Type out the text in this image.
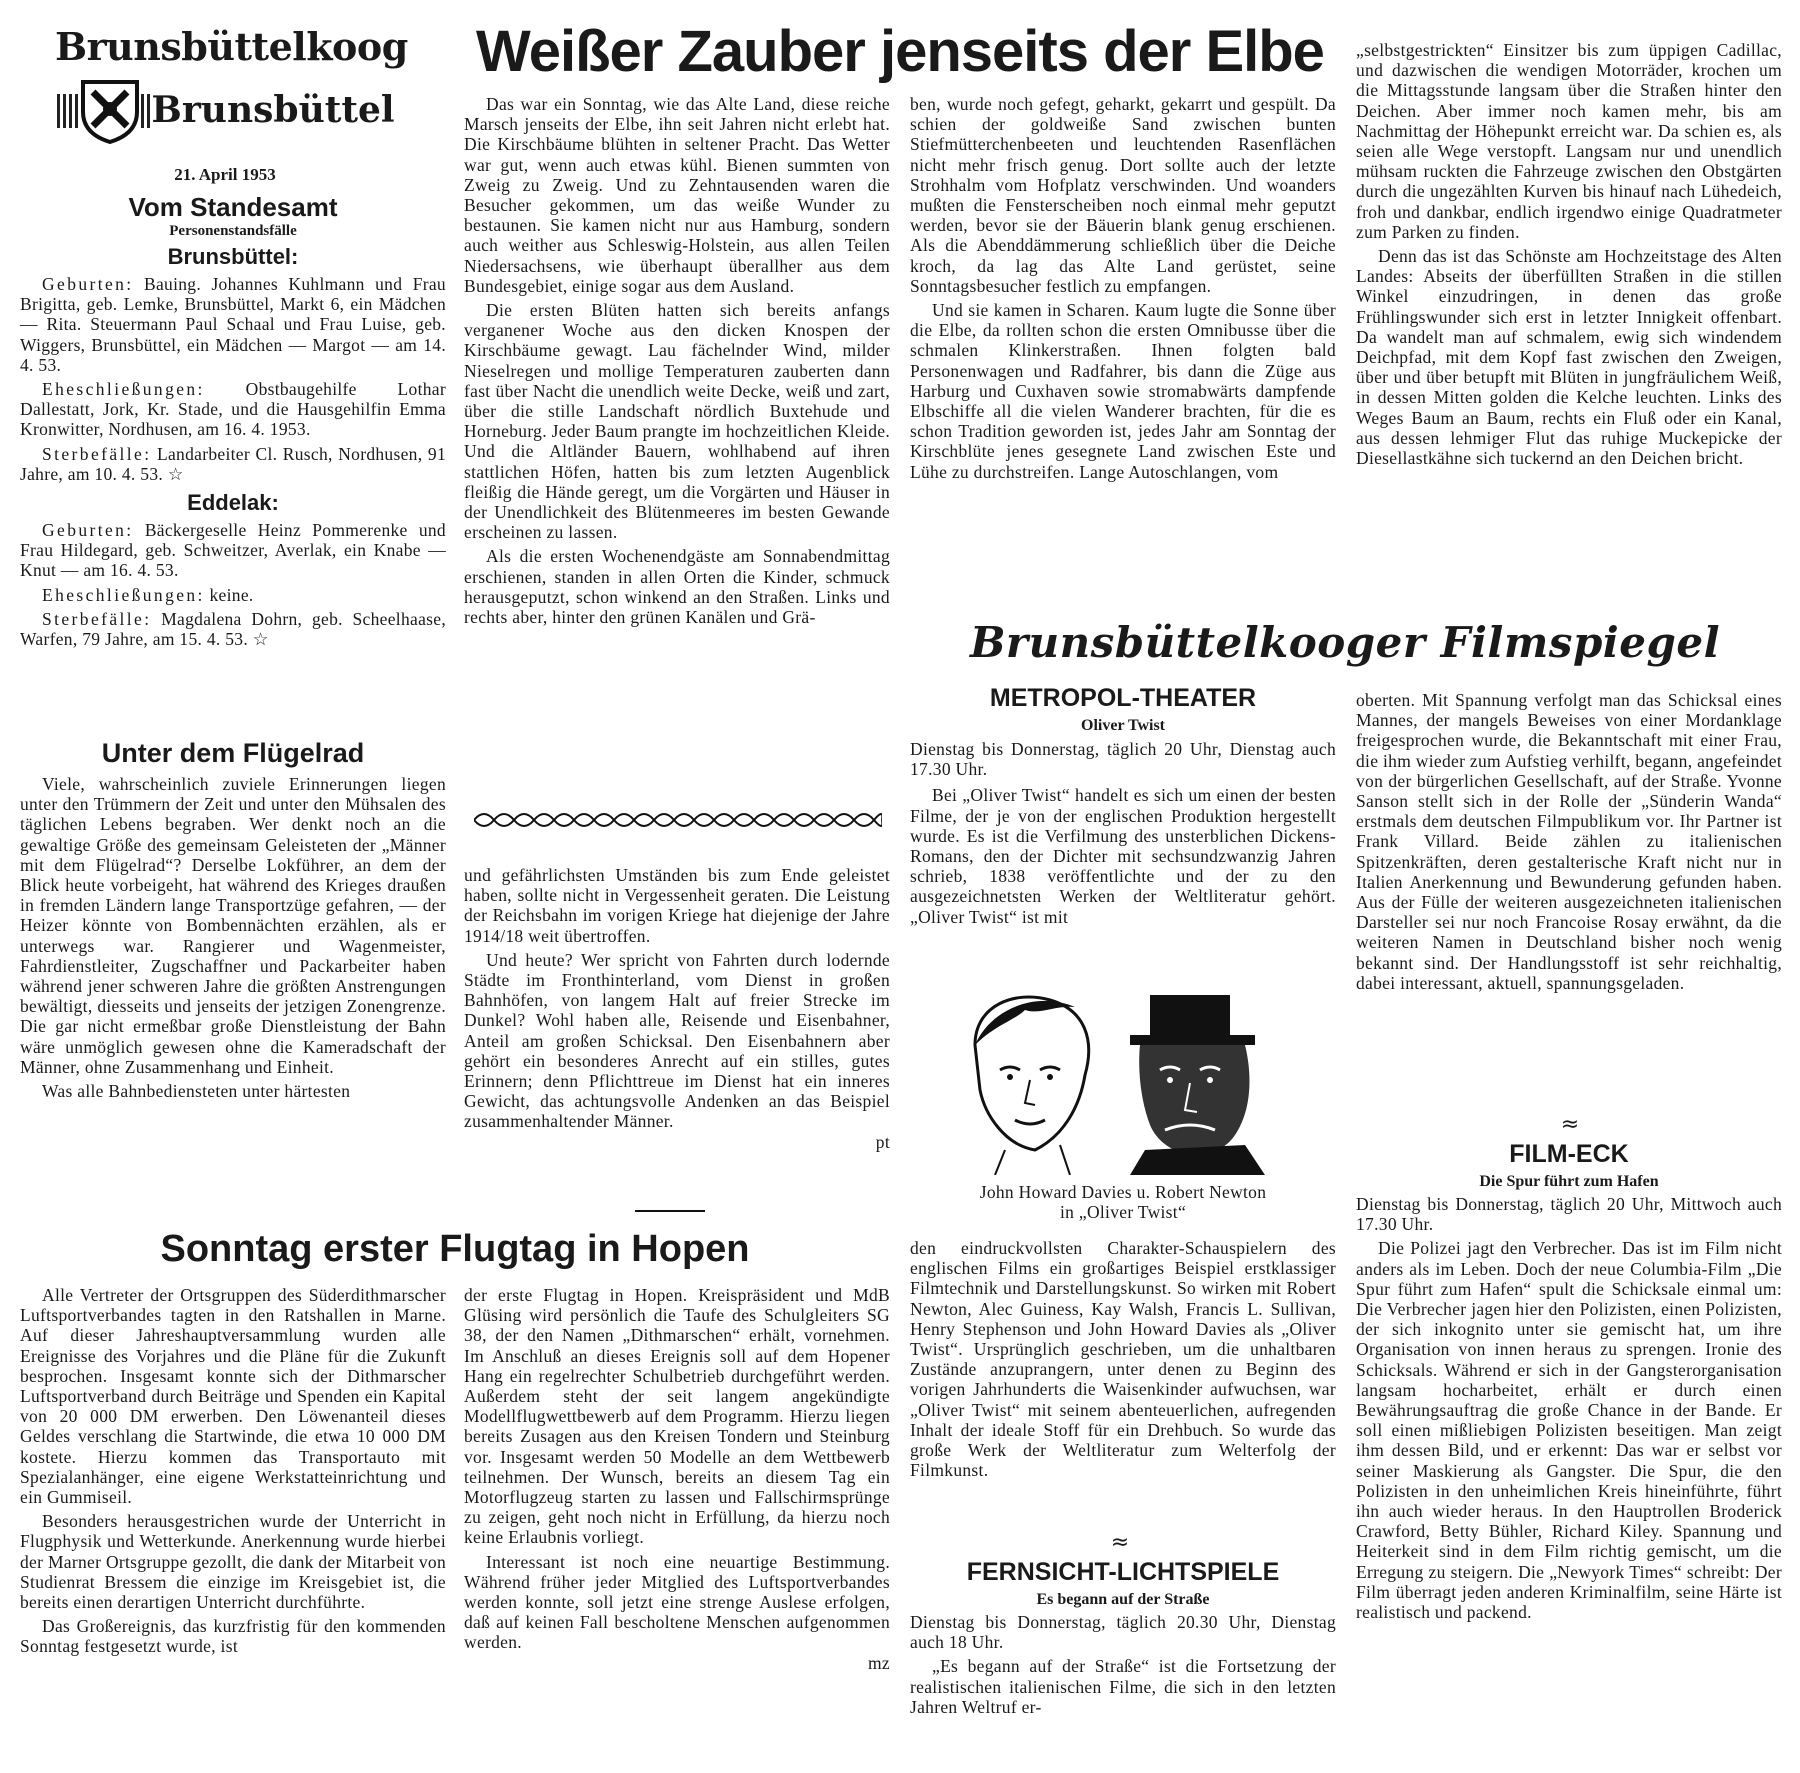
Brunsbüttelkoog
Brunsbüttel
21. April 1953
Vom Standesamt
Personenstandsfälle
Brunsbüttel:

Geburten: Bauing. Johannes Kuhlmann und Frau Brigitta, geb. Lemke, Brunsbüttel, Markt 6, ein Mädchen — Rita. Steuermann Paul Schaal und Frau Luise, geb. Wiggers, Brunsbüttel, ein Mädchen — Margot — am 14. 4. 53.

Eheschließungen: Obstbaugehilfe Lothar Dallestatt, Jork, Kr. Stade, und die Hausgehilfin Emma Kronwitter, Nordhusen, am 16. 4. 1953.

Sterbefälle: Landarbeiter Cl. Rusch, Nordhusen, 91 Jahre, am 10. 4. 53. ☆

Eddelak:

Geburten: Bäckergeselle Heinz Pommerenke und Frau Hildegard, geb. Schweitzer, Averlak, ein Knabe — Knut — am 16. 4. 53.

Eheschließungen: keine.

Sterbefälle: Magdalena Dohrn, geb. Scheelhaase, Warfen, 79 Jahre, am 15. 4. 53. ☆

Unter dem Flügelrad

Viele, wahrscheinlich zuviele Erinnerungen liegen unter den Trümmern der Zeit und unter den Mühsalen des täglichen Lebens begraben. Wer denkt noch an die gewaltige Größe des gemeinsam Geleisteten der „Männer mit dem Flügelrad“? Derselbe Lokführer, an dem der Blick heute vorbeigeht, hat während des Krieges draußen in fremden Ländern lange Transportzüge gefahren, — der Heizer könnte von Bombennächten erzählen, als er unterwegs war. Rangierer und Wagenmeister, Fahrdienstleiter, Zugschaffner und Packarbeiter haben während jener schweren Jahre die größten Anstrengungen bewältigt, diesseits und jenseits der jetzigen Zonengrenze. Die gar nicht ermeßbar große Dienstleistung der Bahn wäre unmöglich gewesen ohne die Kameradschaft der Männer, ohne Zusammenhang und Einheit.

Was alle Bahnbediensteten unter härtesten

und gefährlichsten Umständen bis zum Ende geleistet haben, sollte nicht in Vergessenheit geraten. Die Leistung der Reichsbahn im vorigen Kriege hat diejenige der Jahre 1914/18 weit übertroffen.

Und heute? Wer spricht von Fahrten durch lodernde Städte im Fronthinterland, vom Dienst in großen Bahnhöfen, von langem Halt auf freier Strecke im Dunkel? Wohl haben alle, Reisende und Eisenbahner, Anteil am großen Schicksal. Den Eisenbahnern aber gehört ein besonderes Anrecht auf ein stilles, gutes Erinnern; denn Pflichttreue im Dienst hat ein inneres Gewicht, das achtungsvolle Andenken an das Beispiel zusammenhaltender Männer.

pt
Weißer Zauber jenseits der Elbe

Das war ein Sonntag, wie das Alte Land, diese reiche Marsch jenseits der Elbe, ihn seit Jahren nicht erlebt hat. Die Kirschbäume blühten in seltener Pracht. Das Wetter war gut, wenn auch etwas kühl. Bienen summten von Zweig zu Zweig. Und zu Zehntausenden waren die Besucher gekommen, um das weiße Wunder zu bestaunen. Sie kamen nicht nur aus Hamburg, sondern auch weither aus Schleswig-Holstein, aus allen Teilen Niedersachsens, wie überhaupt überallher aus dem Bundesgebiet, einige sogar aus dem Ausland.

Die ersten Blüten hatten sich bereits anfangs verganener Woche aus den dicken Knospen der Kirschbäume gewagt. Lau fächelnder Wind, milder Nieselregen und mollige Temperaturen zauberten dann fast über Nacht die unendlich weite Decke, weiß und zart, über die stille Landschaft nördlich Buxtehude und Horneburg. Jeder Baum prangte im hochzeitlichen Kleide. Und die Altländer Bauern, wohlhabend auf ihren stattlichen Höfen, hatten bis zum letzten Augenblick fleißig die Hände geregt, um die Vorgärten und Häuser in der Unendlichkeit des Blütenmeeres im besten Gewande erscheinen zu lassen.

Als die ersten Wochenendgäste am Sonnabendmittag erschienen, standen in allen Orten die Kinder, schmuck herausgeputzt, schon winkend an den Straßen. Links und rechts aber, hinter den grünen Kanälen und Grä-

ben, wurde noch gefegt, geharkt, gekarrt und gespült. Da schien der goldweiße Sand zwischen bunten Stiefmütterchenbeeten und leuchtenden Rasenflächen nicht mehr frisch genug. Dort sollte auch der letzte Strohhalm vom Hofplatz verschwinden. Und woanders mußten die Fensterscheiben noch einmal mehr geputzt werden, bevor sie der Bäuerin blank genug erschienen. Als die Abenddämmerung schließlich über die Deiche kroch, da lag das Alte Land gerüstet, seine Sonntagsbesucher festlich zu empfangen.

Und sie kamen in Scharen. Kaum lugte die Sonne über die Elbe, da rollten schon die ersten Omnibusse über die schmalen Klinkerstraßen. Ihnen folgten bald Personenwagen und Radfahrer, bis dann die Züge aus Harburg und Cuxhaven sowie stromabwärts dampfende Elbschiffe all die vielen Wanderer brachten, für die es schon Tradition geworden ist, jedes Jahr am Sonntag der Kirschblüte jenes gesegnete Land zwischen Este und Lühe zu durchstreifen. Lange Autoschlangen, vom

„selbstgestrickten“ Einsitzer bis zum üppigen Cadillac, und dazwischen die wendigen Motorräder, krochen um die Mittagsstunde langsam über die Straßen hinter den Deichen. Aber immer noch kamen mehr, bis am Nachmittag der Höhepunkt erreicht war. Da schien es, als seien alle Wege verstopft. Langsam nur und unendlich mühsam ruckten die Fahrzeuge zwischen den Obstgärten durch die ungezählten Kurven bis hinauf nach Lühedeich, froh und dankbar, endlich irgendwo einige Quadratmeter zum Parken zu finden.

Denn das ist das Schönste am Hochzeitstage des Alten Landes: Abseits der überfüllten Straßen in die stillen Winkel einzudringen, in denen das große Frühlingswunder sich erst in letzter Innigkeit offenbart. Da wandelt man auf schmalem, ewig sich windendem Deichpfad, mit dem Kopf fast zwischen den Zweigen, über und über betupft mit Blüten in jungfräulichem Weiß, in dessen Mitten golden die Kelche leuchten. Links des Weges Baum an Baum, rechts ein Fluß oder ein Kanal, aus dessen lehmiger Flut das ruhige Muckepicke der Diesellastkähne sich tuckernd an den Deichen bricht.

Brunsbüttelkooger Filmspiegel
METROPOL-THEATER
Oliver Twist
Dienstag bis Donnerstag, täglich 20 Uhr, Dienstag auch 17.30 Uhr.

Bei „Oliver Twist“ handelt es sich um einen der besten Filme, der je von der englischen Produktion hergestellt wurde. Es ist die Verfilmung des unsterblichen Dickens-Romans, den der Dichter mit sechsundzwanzig Jahren schrieb, 1838 veröffentlichte und der zu den ausgezeichnetsten Werken der Weltliteratur gehört. „Oliver Twist“ ist mit

John Howard Davies u. Robert Newton
in „Oliver Twist“

den eindruckvollsten Charakter-Schauspielern des englischen Films ein großartiges Beispiel erstklassiger Filmtechnik und Darstellungskunst. So wirken mit Robert Newton, Alec Guiness, Kay Walsh, Francis L. Sullivan, Henry Stephenson und John Howard Davies als „Oliver Twist“. Ursprünglich geschrieben, um die unhaltbaren Zustände anzuprangern, unter denen zu Beginn des vorigen Jahrhunderts die Waisenkinder aufwuchsen, war „Oliver Twist“ mit seinem abenteuerlichen, aufregenden Inhalt der ideale Stoff für ein Drehbuch. So wurde das große Werk der Weltliteratur zum Welterfolg der Filmkunst.

≈
FERNSICHT-LICHTSPIELE
Es begann auf der Straße
Dienstag bis Donnerstag, täglich 20.30 Uhr, Dienstag auch 18 Uhr.

„Es begann auf der Straße“ ist die Fortsetzung der realistischen italienischen Filme, die sich in den letzten Jahren Weltruf er-

oberten. Mit Spannung verfolgt man das Schicksal eines Mannes, der mangels Beweises von einer Mordanklage freigesprochen wurde, die Bekanntschaft mit einer Frau, die ihm wieder zum Aufstieg verhilft, begann, angefeindet von der bürgerlichen Gesellschaft, auf der Straße. Yvonne Sanson stellt sich in der Rolle der „Sünderin Wanda“ erstmals dem deutschen Filmpublikum vor. Ihr Partner ist Frank Villard. Beide zählen zu italienischen Spitzenkräften, deren gestalterische Kraft nicht nur in Italien Anerkennung und Bewunderung gefunden haben. Aus der Fülle der weiteren ausgezeichneten italienischen Darsteller sei nur noch Francoise Rosay erwähnt, da die weiteren Namen in Deutschland bisher noch wenig bekannt sind. Der Handlungsstoff ist sehr reichhaltig, dabei interessant, aktuell, spannungsgeladen.

≈
FILM-ECK
Die Spur führt zum Hafen
Dienstag bis Donnerstag, täglich 20 Uhr, Mittwoch auch 17.30 Uhr.

Die Polizei jagt den Verbrecher. Das ist im Film nicht anders als im Leben. Doch der neue Columbia-Film „Die Spur führt zum Hafen“ spult die Schicksale einmal um: Die Verbrecher jagen hier den Polizisten, einen Polizisten, der sich inkognito unter sie gemischt hat, um ihre Organisation von innen heraus zu sprengen. Ironie des Schicksals. Während er sich in der Gangsterorganisation langsam hocharbeitet, erhält er durch einen Bewährungsauftrag die große Chance in der Bande. Er soll einen mißliebigen Polizisten beseitigen. Man zeigt ihm dessen Bild, und er erkennt: Das war er selbst vor seiner Maskierung als Gangster. Die Spur, die den Polizisten in den unheimlichen Kreis hineinführte, führt ihn auch wieder heraus. In den Hauptrollen Broderick Crawford, Betty Bühler, Richard Kiley. Spannung und Heiterkeit sind in dem Film richtig gemischt, um die Erregung zu steigern. Die „Newyork Times“ schreibt: Der Film überragt jeden anderen Kriminalfilm, seine Härte ist realistisch und packend.

Sonntag erster Flugtag in Hopen

Alle Vertreter der Ortsgruppen des Süderdithmarscher Luftsportverbandes tagten in den Ratshallen in Marne. Auf dieser Jahreshauptversammlung wurden alle Ereignisse des Vorjahres und die Pläne für die Zukunft besprochen. Insgesamt konnte sich der Dithmarscher Luftsportverband durch Beiträge und Spenden ein Kapital von 20 000 DM erwerben. Den Löwenanteil dieses Geldes verschlang die Startwinde, die etwa 10 000 DM kostete. Hierzu kommen das Transportauto mit Spezialanhänger, eine eigene Werkstatteinrichtung und ein Gummiseil.

Besonders herausgestrichen wurde der Unterricht in Flugphysik und Wetterkunde. Anerkennung wurde hierbei der Marner Ortsgruppe gezollt, die dank der Mitarbeit von Studienrat Bressem die einzige im Kreisgebiet ist, die bereits einen derartigen Unterricht durchführte.

Das Großereignis, das kurzfristig für den kommenden Sonntag festgesetzt wurde, ist

der erste Flugtag in Hopen. Kreispräsident und MdB Glüsing wird persönlich die Taufe des Schulgleiters SG 38, der den Namen „Dithmarschen“ erhält, vornehmen. Im Anschluß an dieses Ereignis soll auf dem Hopener Hang ein regelrechter Schulbetrieb durchgeführt werden. Außerdem steht der seit langem angekündigte Modellflugwettbewerb auf dem Programm. Hierzu liegen bereits Zusagen aus den Kreisen Tondern und Steinburg vor. Insgesamt werden 50 Modelle an dem Wettbewerb teilnehmen. Der Wunsch, bereits an diesem Tag ein Motorflugzeug starten zu lassen und Fallschirmsprünge zu zeigen, geht noch nicht in Erfüllung, da hierzu noch keine Erlaubnis vorliegt.

Interessant ist noch eine neuartige Bestimmung. Während früher jeder Mitglied des Luftsportverbandes werden konnte, soll jetzt eine strenge Auslese erfolgen, daß auf keinen Fall bescholtene Menschen aufgenommen werden.

mz
